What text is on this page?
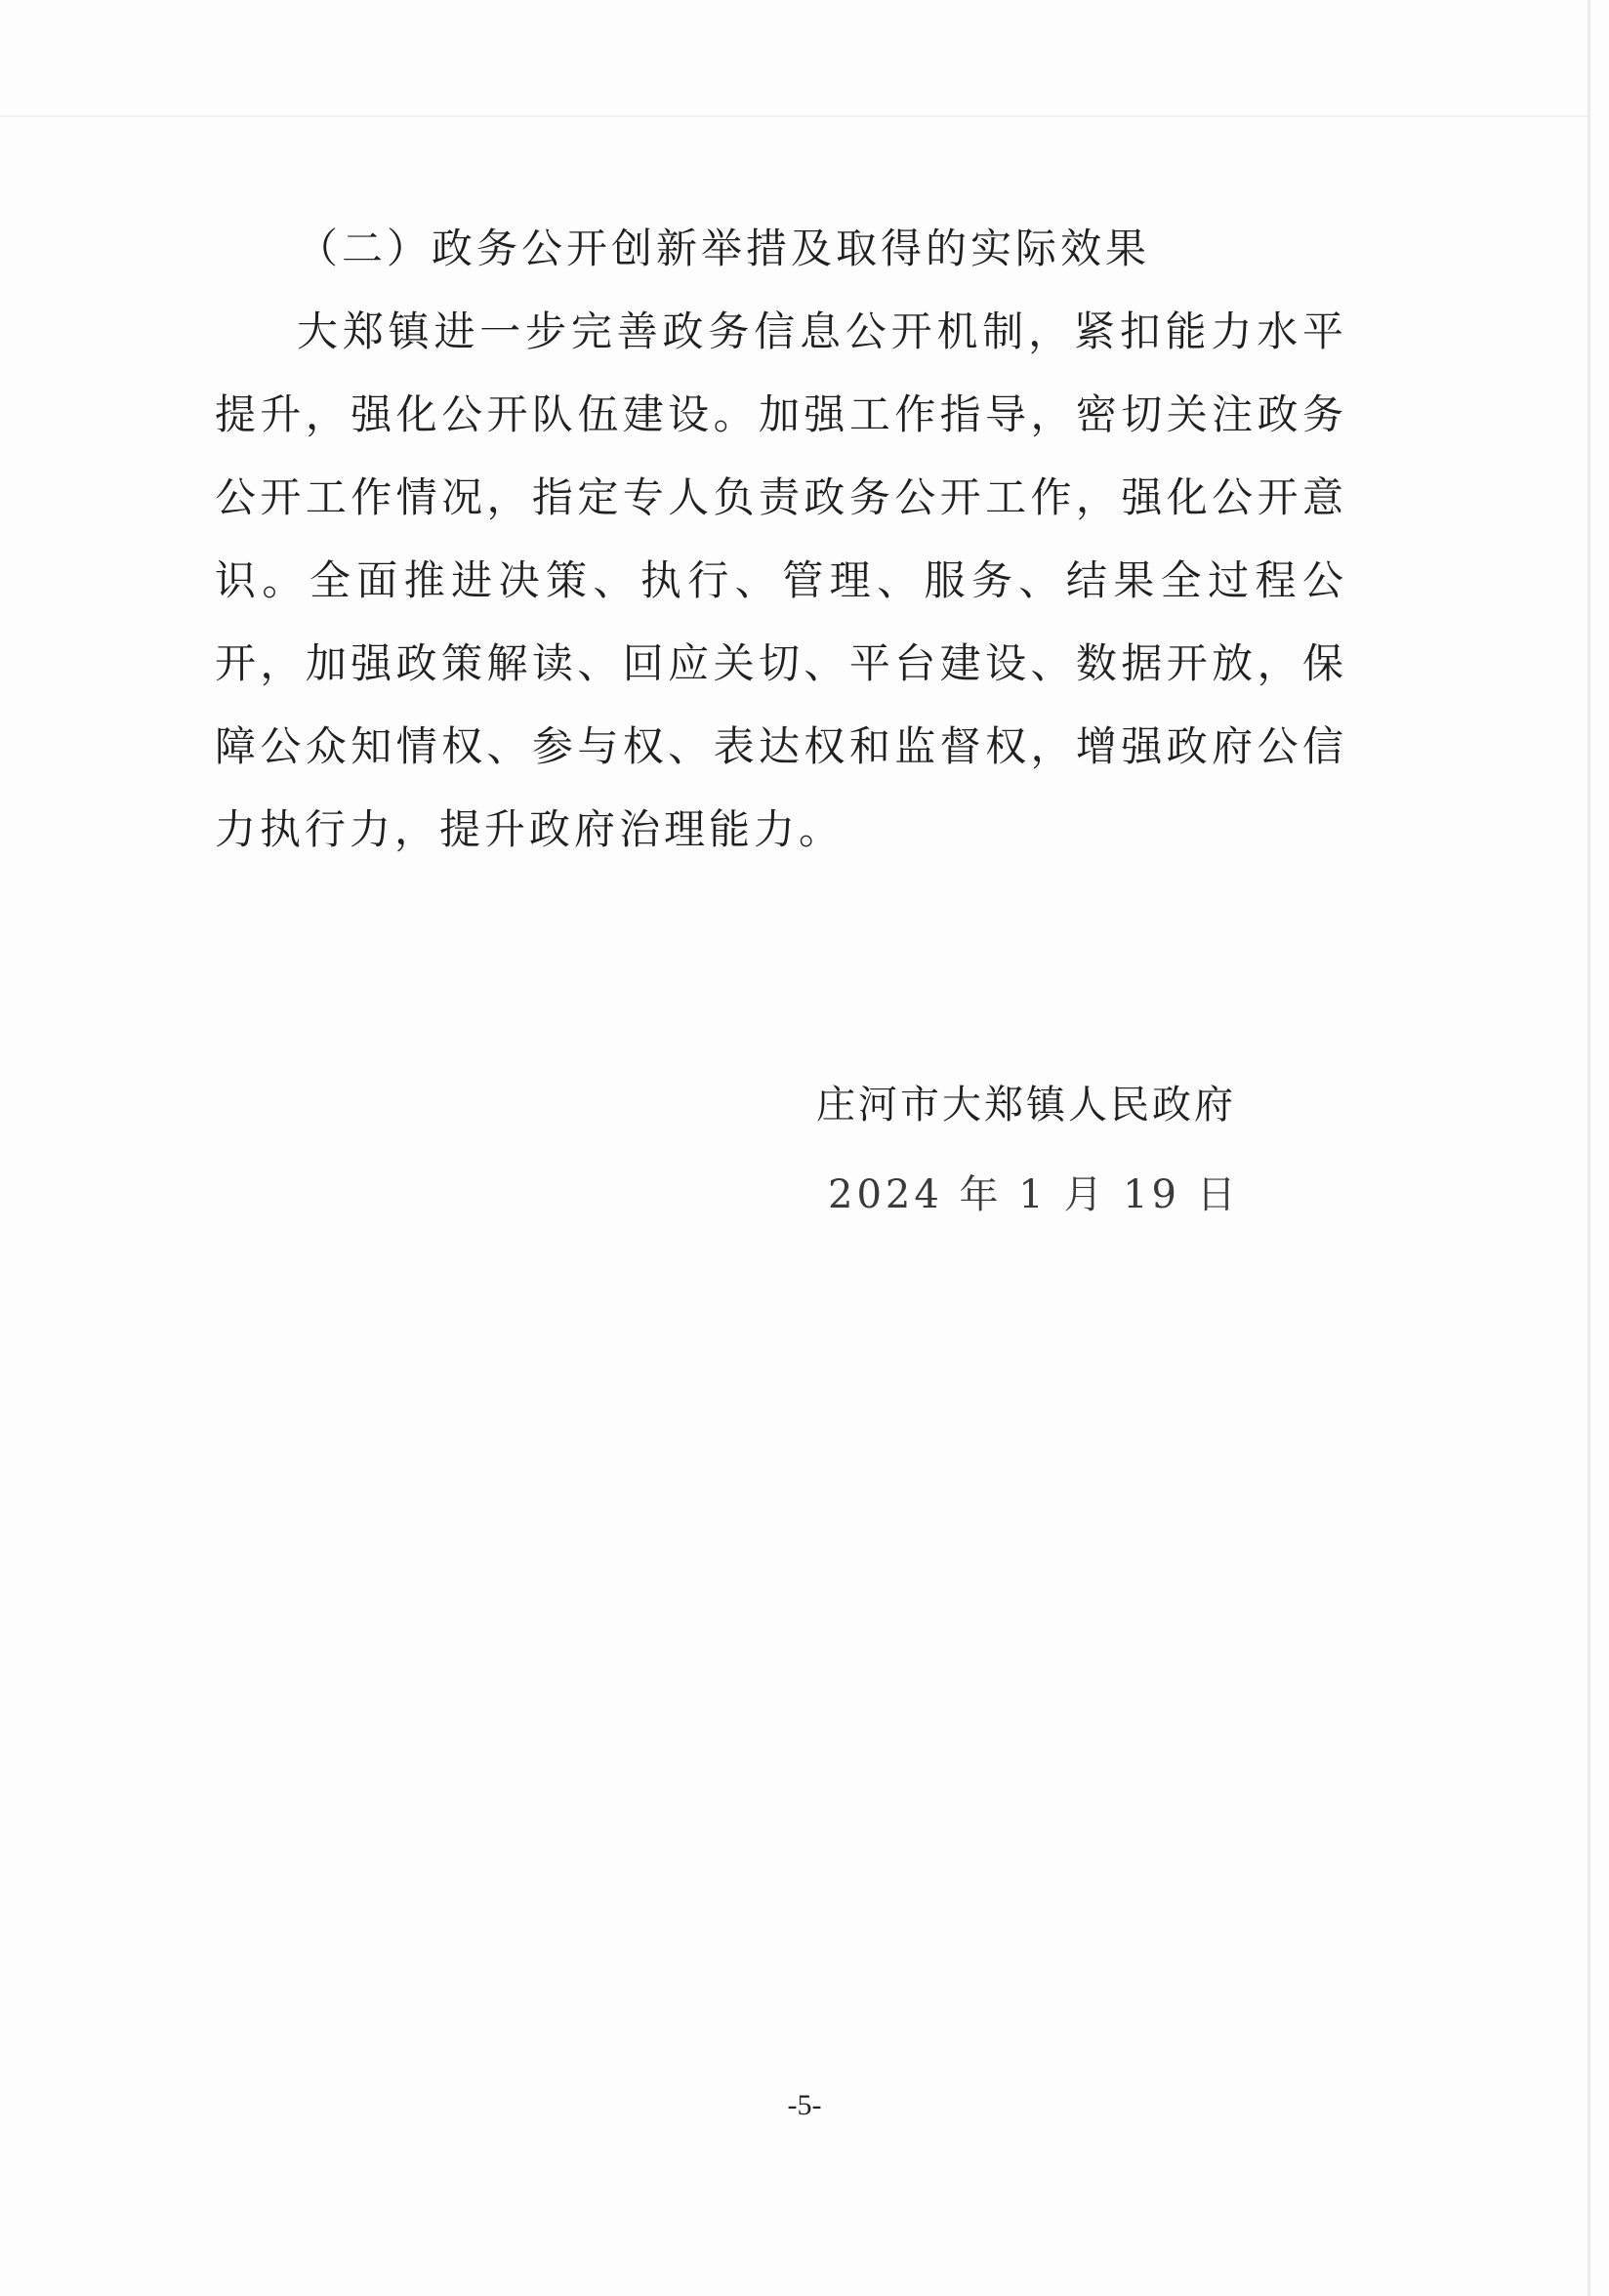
（二）政务公开创新举措及取得的实际效果
大郑镇进一步完善政务信息公开机制，紧扣能力水平提升，强化公开队伍建设。加强工作指导，密切关注政务公开工作情况，指定专人负责政务公开工作，强化公开意识。全面推进决策、执行、管理、服务、结果全过程公开，加强政策解读、回应关切、平台建设、数据开放，保障公众知情权、参与权、表达权和监督权，增强政府公信力执行力，提升政府治理能力。
庄河市大郑镇人民政府
2024 年 1 月 19 日
-5-
